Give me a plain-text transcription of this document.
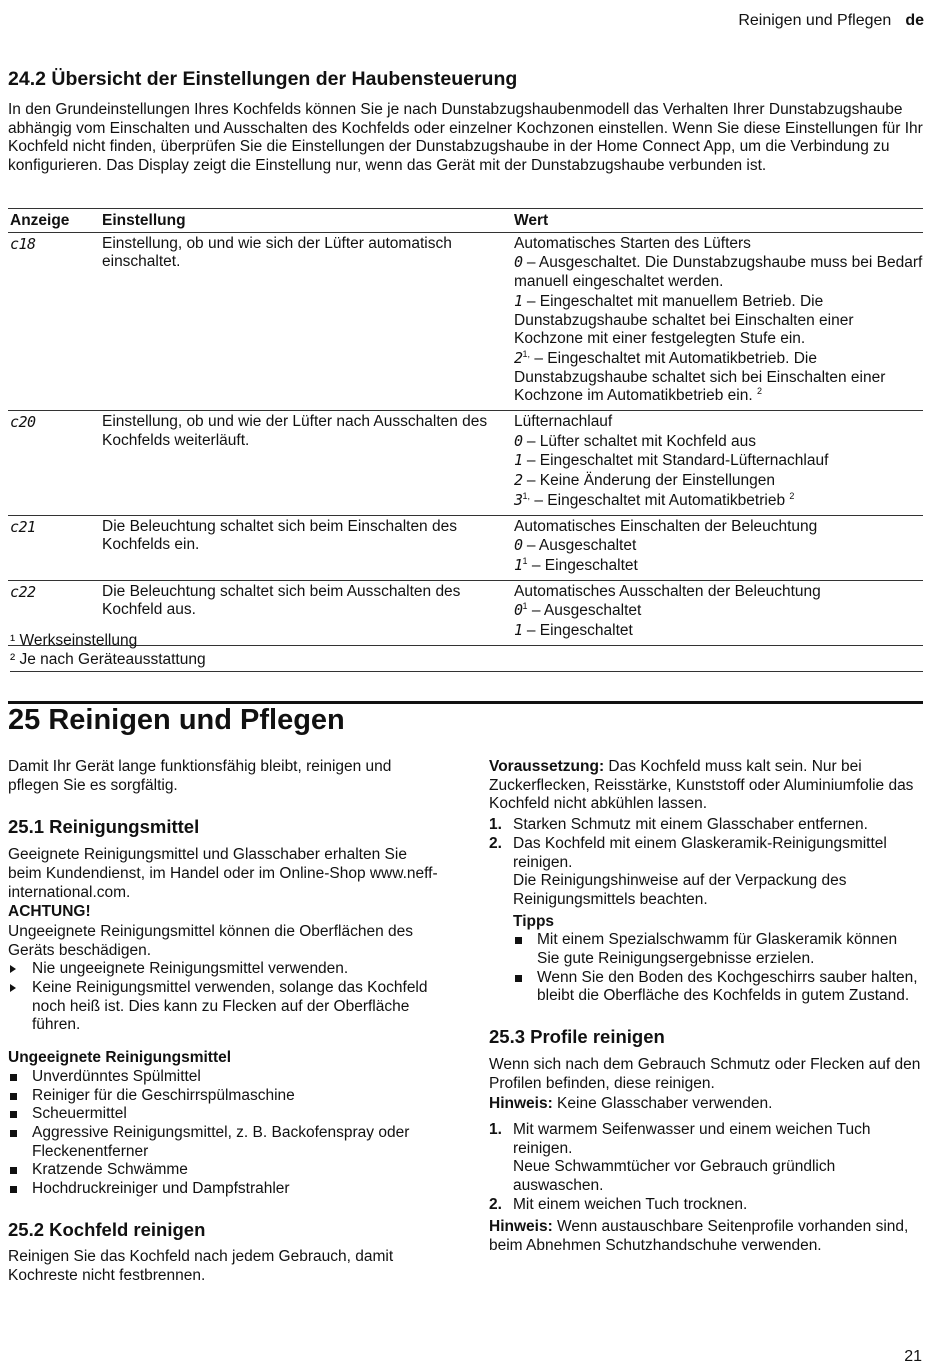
Reinigen und Pflegen de
24.2 Übersicht der Einstellungen der Haubensteuerung

In den Grundeinstellungen Ihres Kochfelds können Sie je nach Dunstabzugshaubenmodell das Verhalten Ihrer Dunstabzugshaube abhängig vom Einschalten und Ausschalten des Kochfelds oder einzelner Kochzonen einstellen. Wenn Sie diese Einstellungen für Ihr Kochfeld nicht finden, überprüfen Sie die Einstellungen der Dunstabzugshaube in der Home Connect App, um die Verbindung zu konfigurieren. Das Display zeigt die Einstellung nur, wenn das Gerät mit der Dunstabzugshaube verbunden ist.

Anzeige	Einstellung	Wert
c18	Einstellung, ob und wie sich der Lüfter automatisch einschaltet.	Automatisches Starten des Lüfters
0 – Ausgeschaltet. Die Dunstabzugshaube muss bei Bedarf manuell eingeschaltet werden.
1 – Eingeschaltet mit manuellem Betrieb. Die Dunstabzugshaube schaltet bei Einschalten einer Kochzone mit einer festgelegten Stufe ein.
$2^{1,}$ – Eingeschaltet mit Automatikbetrieb. Die Dunstabzugshaube schaltet sich bei Einschalten einer Kochzone im Automatikbetrieb ein. $^2$

c20	Einstellung, ob und wie der Lüfter nach Ausschalten des Kochfelds weiterläuft.	Lüfternachlauf
0 – Lüfter schaltet mit Kochfeld aus
1 – Eingeschaltet mit Standard-Lüfternachlauf
2 – Keine Änderung der Einstellungen
$3^{1,}$ – Eingeschaltet mit Automatikbetrieb $^2$

c21	Die Beleuchtung schaltet sich beim Einschalten des Kochfelds ein.	Automatisches Einschalten der Beleuchtung
0 – Ausgeschaltet
$1^1$ – Eingeschaltet

c22	Die Beleuchtung schaltet sich beim Ausschalten des Kochfeld aus.	Automatisches Ausschalten der Beleuchtung
$0^1$ – Ausgeschaltet
1 – Eingeschaltet
¹ Werkseinstellung
² Je nach Geräteausstattung
25 Reinigen und Pflegen

Damit Ihr Gerät lange funktionsfähig bleibt, reinigen und pflegen Sie es sorgfältig.

25.1 Reinigungsmittel

Geeignete Reinigungsmittel und Glasschaber erhalten Sie beim Kundendienst, im Handel oder im Online-Shop www.neff-international.com.

ACHTUNG!

Ungeeignete Reinigungsmittel können die Oberflächen des Geräts beschädigen.

Nie ungeeignete Reinigungsmittel verwenden.
Keine Reinigungsmittel verwenden, solange das Kochfeld noch heiß ist. Dies kann zu Flecken auf der Oberfläche führen.

Ungeeignete Reinigungsmittel

Unverdünntes Spülmittel
Reiniger für die Geschirrspülmaschine
Scheuermittel
Aggressive Reinigungsmittel, z. B. Backofenspray oder Fleckenentferner
Kratzende Schwämme
Hochdruckreiniger und Dampfstrahler
25.2 Kochfeld reinigen

Reinigen Sie das Kochfeld nach jedem Gebrauch, damit Kochreste nicht festbrennen.

Voraussetzung: Das Kochfeld muss kalt sein. Nur bei Zuckerflecken, Reisstärke, Kunststoff oder Aluminiumfolie das Kochfeld nicht abkühlen lassen.

1. Starken Schmutz mit einem Glasschaber entfernen.
2. Das Kochfeld mit einem Glaskeramik-Reinigungsmittel reinigen.
Die Reinigungshinweise auf der Verpackung des Reinigungsmittels beachten.

Tipps

Mit einem Spezialschwamm für Glaskeramik können Sie gute Reinigungsergebnisse erzielen.
Wenn Sie den Boden des Kochgeschirrs sauber halten, bleibt die Oberfläche des Kochfelds in gutem Zustand.
25.3 Profile reinigen

Wenn sich nach dem Gebrauch Schmutz oder Flecken auf den Profilen befinden, diese reinigen.

Hinweis: Keine Glasschaber verwenden.

1. Mit warmem Seifenwasser und einem weichen Tuch reinigen.
Neue Schwammtücher vor Gebrauch gründlich auswaschen.
2. Mit einem weichen Tuch trocknen.

Hinweis: Wenn austauschbare Seitenprofile vorhanden sind, beim Abnehmen Schutzhandschuhe verwenden.

21
